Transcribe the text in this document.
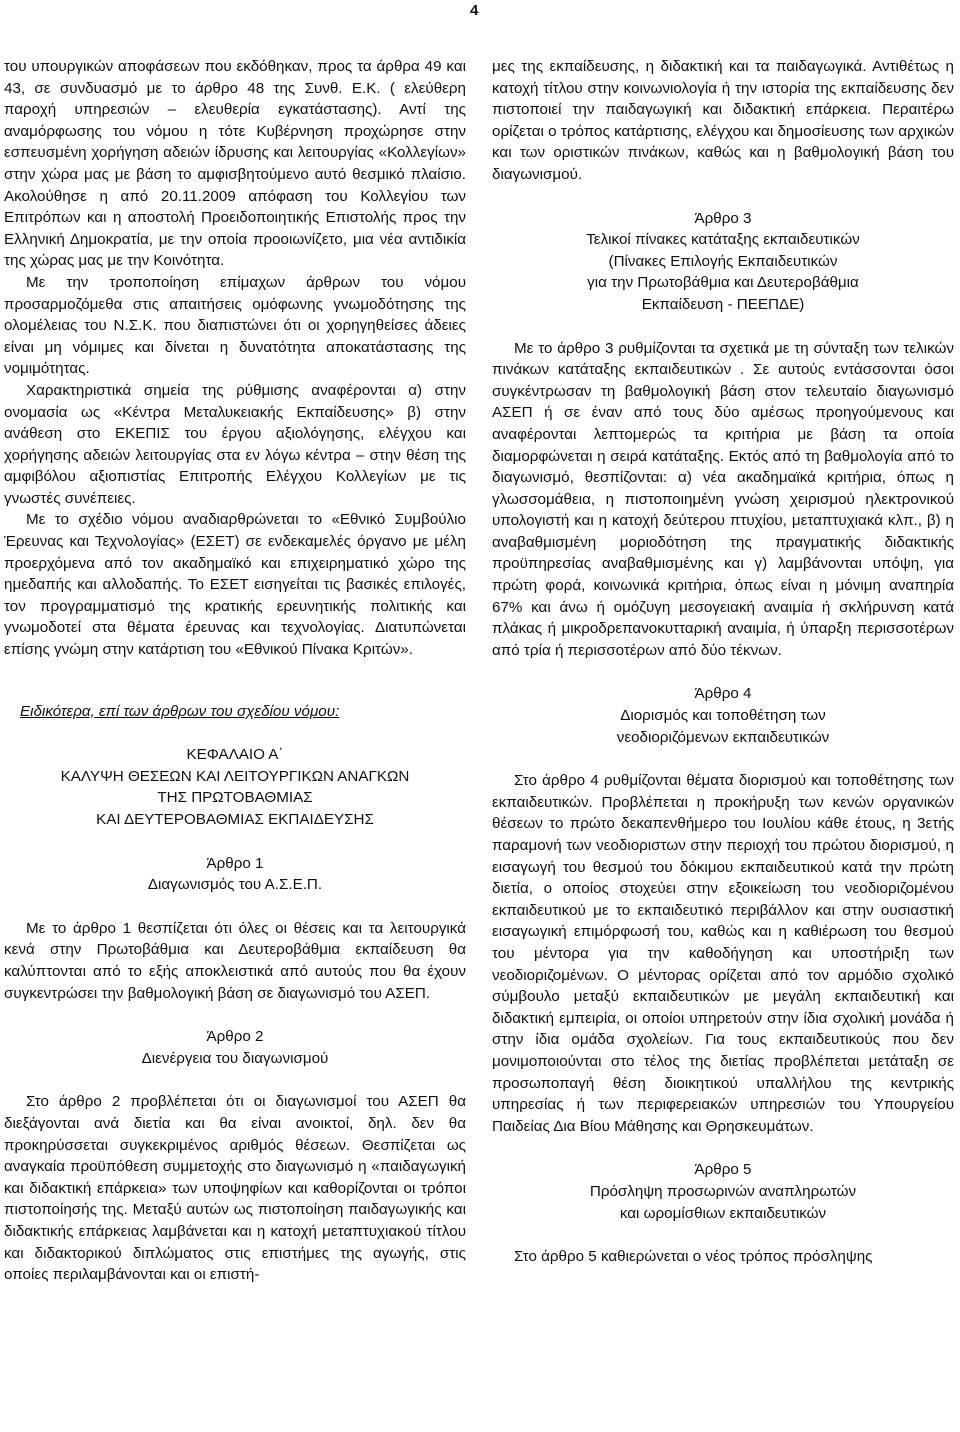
4

του υπουργικών αποφάσεων που εκδόθηκαν, προς τα άρθρα 49 και 43, σε συνδυασμό με το άρθρο 48 της Συνθ. Ε.Κ. ( ελεύθερη παροχή υπηρεσιών – ελευθερία εγκατάστασης). Αντί της αναμόρφωσης του νόμου η τότε Κυβέρνηση προχώρησε στην εσπευσμένη χορήγηση αδειών ίδρυσης και λειτουργίας «Κολλεγίων» στην χώρα μας με βάση το αμφισβητούμενο αυτό θεσμικό πλαίσιο. Ακολούθησε η από 20.11.2009 απόφαση του Κολλεγίου των Επιτρόπων και η αποστολή Προειδοποιητικής Επιστολής προς την Ελληνική Δημοκρατία, με την οποία προοιωνίζετο, μια νέα αντιδικία της χώρας μας με την Κοινότητα.

Με την τροποποίηση επίμαχων άρθρων του νόμου προσαρμοζόμεθα στις απαιτήσεις ομόφωνης γνωμοδότησης της ολομέλειας του Ν.Σ.Κ. που διαπιστώνει ότι οι χορηγηθείσες άδειες είναι μη νόμιμες και δίνεται η δυνατότητα αποκατάστασης της νομιμότητας.

Χαρακτηριστικά σημεία της ρύθμισης αναφέρονται α) στην ονομασία ως «Κέντρα Μεταλυκειακής Εκπαίδευσης» β) στην ανάθεση στο ΕΚΕΠΙΣ του έργου αξιολόγησης, ελέγχου και χορήγησης αδειών λειτουργίας στα εν λόγω κέντρα – στην θέση της αμφιβόλου αξιοπιστίας Επιτροπής Ελέγχου Κολλεγίων με τις γνωστές συνέπειες.

Με το σχέδιο νόμου αναδιαρθρώνεται το «Εθνικό Συμβούλιο Έρευνας και Τεχνολογίας» (ΕΣΕΤ) σε ενδεκαμελές όργανο με μέλη προερχόμενα από τον ακαδημαϊκό και επιχειρηματικό χώρο της ημεδαπής και αλλοδαπής. Το ΕΣΕΤ εισηγείται τις βασικές επιλογές, τον προγραμματισμό της κρατικής ερευνητικής πολιτικής και γνωμοδοτεί στα θέματα έρευνας και τεχνολογίας. Διατυπώνεται επίσης γνώμη στην κατάρτιση του «Εθνικού Πίνακα Κριτών».

Ειδικότερα, επί των άρθρων του σχεδίου νόμου:

ΚΕΦΑΛΑΙΟ Α΄
ΚΑΛΥΨΗ ΘΕΣΕΩΝ ΚΑΙ ΛΕΙΤΟΥΡΓΙΚΩΝ ΑΝΑΓΚΩΝ
ΤΗΣ ΠΡΩΤΟΒΑΘΜΙΑΣ
ΚΑΙ ΔΕΥΤΕΡΟΒΑΘΜΙΑΣ ΕΚΠΑΙΔΕΥΣΗΣ
Άρθρο 1
Διαγωνισμός του Α.Σ.Ε.Π.

Με το άρθρο 1 θεσπίζεται ότι όλες οι θέσεις και τα λειτουργικά κενά στην Πρωτοβάθμια και Δευτεροβάθμια εκπαίδευση θα καλύπτονται από το εξής αποκλειστικά από αυτούς που θα έχουν συγκεντρώσει την βαθμολογική βάση σε διαγωνισμό του ΑΣΕΠ.

Άρθρο 2
Διενέργεια του διαγωνισμού

Στο άρθρο 2 προβλέπεται ότι οι διαγωνισμοί του ΑΣΕΠ θα διεξάγονται ανά διετία και θα είναι ανοικτοί, δηλ. δεν θα προκηρύσσεται συγκεκριμένος αριθμός θέσεων. Θεσπίζεται ως αναγκαία προϋπόθεση συμμετοχής στο διαγωνισμό η «παιδαγωγική και διδακτική επάρκεια» των υποψηφίων και καθορίζονται οι τρόποι πιστοποίησής της. Μεταξύ αυτών ως πιστοποίηση παιδαγωγικής και διδακτικής επάρκειας λαμβάνεται και η κατοχή μεταπτυχιακού τίτλου και διδακτορικού διπλώματος στις επιστήμες της αγωγής, στις οποίες περιλαμβάνονται και οι επιστή-

μες της εκπαίδευσης, η διδακτική και τα παιδαγωγικά. Αντιθέτως η κατοχή τίτλου στην κοινωνιολογία ή την ιστορία της εκπαίδευσης δεν πιστοποιεί την παιδαγωγική και διδακτική επάρκεια. Περαιτέρω ορίζεται ο τρόπος κατάρτισης, ελέγχου και δημοσίευσης των αρχικών και των οριστικών πινάκων, καθώς και η βαθμολογική βάση του διαγωνισμού.

Άρθρο 3
Τελικοί πίνακες κατάταξης εκπαιδευτικών
(Πίνακες Επιλογής Εκπαιδευτικών
για την Πρωτοβάθμια και Δευτεροβάθμια
Εκπαίδευση - ΠΕΕΠΔΕ)

Με το άρθρο 3 ρυθμίζονται τα σχετικά με τη σύνταξη των τελικών πινάκων κατάταξης εκπαιδευτικών . Σε αυτούς εντάσσονται όσοι συγκέντρωσαν τη βαθμολογική βάση στον τελευταίο διαγωνισμό ΑΣΕΠ ή σε έναν από τους δύο αμέσως προηγούμενους και αναφέρονται λεπτομερώς τα κριτήρια με βάση τα οποία διαμορφώνεται η σειρά κατάταξης. Εκτός από τη βαθμολογία από το διαγωνισμό, θεσπίζονται: α) νέα ακαδημαϊκά κριτήρια, όπως η γλωσσομάθεια, η πιστοποιημένη γνώση χειρισμού ηλεκτρονικού υπολογιστή και η κατοχή δεύτερου πτυχίου, μεταπτυχιακά κλπ., β) η αναβαθμισμένη μοριοδότηση της πραγματικής διδακτικής προϋπηρεσίας αναβαθμισμένης και γ) λαμβάνονται υπόψη, για πρώτη φορά, κοινωνικά κριτήρια, όπως είναι η μόνιμη αναπηρία 67% και άνω ή ομόζυγη μεσογειακή αναιμία ή σκλήρυνση κατά πλάκας ή μικροδρεπανοκυτταρική αναιμία, ή ύπαρξη περισσοτέρων από τρία ή περισσοτέρων από δύο τέκνων.

Άρθρο 4
Διορισμός και τοποθέτηση των
νεοδιοριζόμενων εκπαιδευτικών

Στο άρθρο 4 ρυθμίζονται θέματα διορισμού και τοποθέτησης των εκπαιδευτικών. Προβλέπεται η προκήρυξη των κενών οργανικών θέσεων το πρώτο δεκαπενθήμερο του Ιουλίου κάθε έτους, η 3ετής παραμονή των νεοδιοριστων στην περιοχή του πρώτου διορισμού, η εισαγωγή του θεσμού του δόκιμου εκπαιδευτικού κατά την πρώτη διετία, ο οποίος στοχεύει στην εξοικείωση του νεοδιοριζομένου εκπαιδευτικού με το εκπαιδευτικό περιβάλλον και στην ουσιαστική εισαγωγική επιμόρφωσή του, καθώς και η καθιέρωση του θεσμού του μέντορα για την καθοδήγηση και υποστήριξη των νεοδιοριζομένων. Ο μέντορας ορίζεται από τον αρμόδιο σχολικό σύμβουλο μεταξύ εκπαιδευτικών με μεγάλη εκπαιδευτική και διδακτική εμπειρία, οι οποίοι υπηρετούν στην ίδια σχολική μονάδα ή στην ίδια ομάδα σχολείων. Για τους εκπαιδευτικούς που δεν μονιμοποιούνται στο τέλος της διετίας προβλέπεται μετάταξη σε προσωποπαγή θέση διοικητικού υπαλλήλου της κεντρικής υπηρεσίας ή των περιφερειακών υπηρεσιών του Υπουργείου Παιδείας Δια Βίου Μάθησης και Θρησκευμάτων.

Άρθρο 5
Πρόσληψη προσωρινών αναπληρωτών
και ωρομίσθιων εκπαιδευτικών

Στο άρθρο 5 καθιερώνεται ο νέος τρόπος πρόσληψης
